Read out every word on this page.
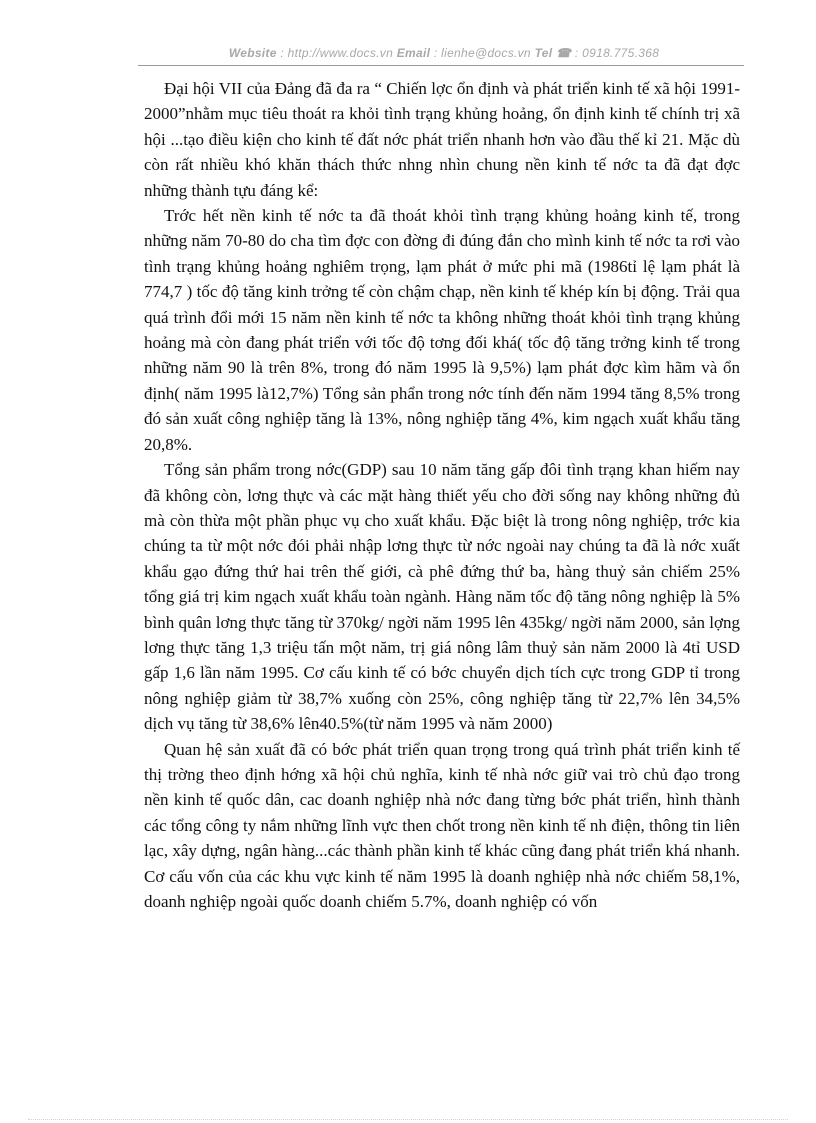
Website : http://www.docs.vn Email : lienhe@docs.vn Tel ☎ : 0918.775.368

Đại hội VII của Đảng đã đa ra “ Chiến lợc ổn định và phát triển kinh tế xã hội 1991-2000”nhằm mục tiêu thoát ra khỏi tình trạng khủng hoảng, ổn định kinh tế chính trị xã hội ...tạo điều kiện cho kinh tế đất nớc phát triển nhanh hơn vào đầu thế kỉ 21. Mặc dù còn rất nhiều khó khăn thách thức nhng nhìn chung nền kinh tế nớc ta đã đạt đợc những thành tựu đáng kể:

Trớc hết nền kinh tế nớc ta đã thoát khỏi tình trạng khủng hoảng kinh tế, trong những năm 70-80 do cha tìm đợc con đờng đi đúng đắn cho mình kinh tế nớc ta rơi vào tình trạng khủng hoảng nghiêm trọng, lạm phát ở mức phi mã (1986tỉ lệ lạm phát là 774,7 ) tốc độ tăng kinh trởng tế còn chậm chạp, nền kinh tế khép kín bị động. Trải qua quá trình đổi mới 15 năm nền kinh tế nớc ta không những thoát khỏi tình trạng khủng hoảng mà còn đang phát triển với tốc độ tơng đối khá( tốc độ tăng trởng kinh tế trong những năm 90 là trên 8%, trong đó năm 1995 là 9,5%) lạm phát đợc kìm hãm và ổn định( năm 1995 là12,7%) Tổng sản phẩn trong nớc tính đến năm 1994 tăng 8,5% trong đó sản xuất công nghiệp tăng là 13%, nông nghiệp tăng 4%, kim ngạch xuất khẩu tăng 20,8%.

Tổng sản phẩm trong nớc(GDP) sau 10 năm tăng gấp đôi tình trạng khan hiếm nay đã không còn, lơng thực và các mặt hàng thiết yếu cho đời sống nay không những đủ mà còn thừa một phần phục vụ cho xuất khẩu. Đặc biệt là trong nông nghiệp, trớc kia chúng ta từ một nớc đói phải nhập lơng thực từ nớc ngoài nay chúng ta đã là nớc xuất khẩu gạo đứng thứ hai trên thế giới, cà phê đứng thứ ba, hàng thuỷ sản chiếm 25% tổng giá trị kim ngạch xuất khẩu toàn ngành. Hàng năm tốc độ tăng nông nghiệp là 5% bình quân lơng thực tăng từ 370kg/ ngời năm 1995 lên 435kg/ ngời năm 2000, sản lợng lơng thực tăng 1,3 triệu tấn một năm, trị giá nông lâm thuỷ sản năm 2000 là 4tỉ USD gấp 1,6 lần năm 1995. Cơ cấu kinh tế có bớc chuyển dịch tích cực trong GDP tỉ trong nông nghiệp giảm từ 38,7% xuống còn 25%, công nghiệp tăng từ 22,7% lên 34,5% dịch vụ tăng từ 38,6% lên40.5%(từ năm 1995 và năm 2000)

Quan hệ sản xuất đã có bớc phát triển quan trọng trong quá trình phát triển kinh tế thị trờng theo định hớng xã hội chủ nghĩa, kinh tế nhà nớc giữ vai trò chủ đạo trong nền kinh tế quốc dân, cac doanh nghiệp nhà nớc đang từng bớc phát triển, hình thành các tổng công ty nắm những lĩnh vực then chốt trong nền kinh tế nh điện, thông tin liên lạc, xây dựng, ngân hàng...các thành phần kinh tế khác cũng đang phát triển khá nhanh. Cơ cấu vốn của các khu vực kinh tế năm 1995 là doanh nghiệp nhà nớc chiếm 58,1%, doanh nghiệp ngoài quốc doanh chiếm 5.7%, doanh nghiệp có vốn
